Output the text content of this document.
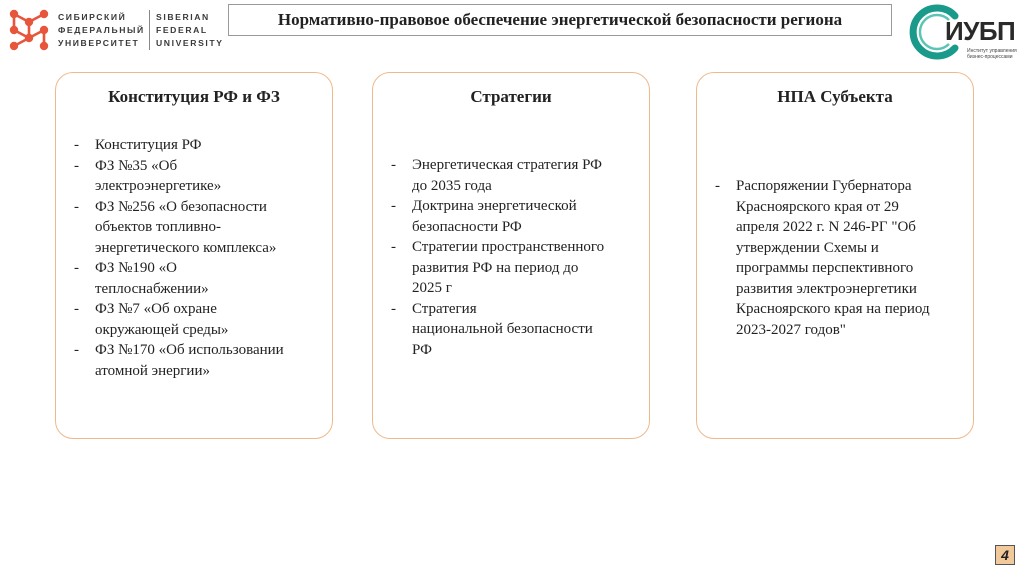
СИБИРСКИЙ
ФЕДЕРАЛЬНЫЙ
УНИВЕРСИТЕТ
SIBERIAN
FEDERAL
UNIVERSITY
Нормативно-правовое обеспечение энергетической безопасности региона	ИУБП
Институт управления бизнес-процессами
Конституция РФ и ФЗ
- Конституция РФ
- ФЗ №35 «Об
электроэнергетике»
- ФЗ №256 «О безопасности
объектов топливно-
энергетического комплекса»
- ФЗ №190 «О
теплоснабжении»
- ФЗ №7 «Об охране
окружающей среды»
- ФЗ №170 «Об использовании
атомной энергии»
Стратегии
- Энергетическая стратегия РФ
до 2035 года
- Доктрина энергетической
безопасности РФ
- Стратегии пространственного
развития РФ на период до
2025 г
- Стратегия
национальной безопасности
РФ
НПА Субъекта
- Распоряжении Губернатора
Красноярского края от 29
апреля 2022 г. N 246-РГ "Об
утверждении Схемы и
программы перспективного
развития электроэнергетики
Красноярского края на период
2023-2027 годов"
4
